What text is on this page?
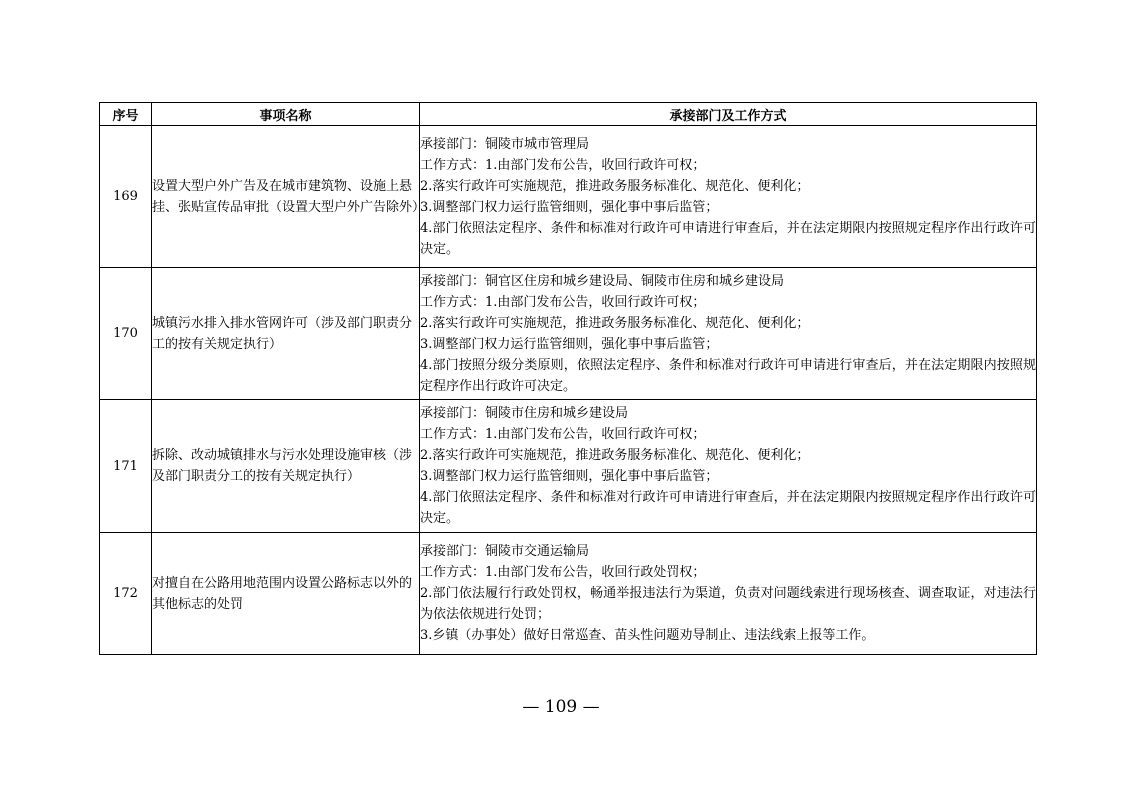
序号	事项名称	承接部门及工作方式
169	设置大型户外广告及在城市建筑物、设施上悬挂、张贴宣传品审批（设置大型户外广告除外）	承接部门：铜陵市城市管理局
工作方式：1.由部门发布公告，收回行政许可权；
2.落实行政许可实施规范，推进政务服务标准化、规范化、便利化；
3.调整部门权力运行监管细则，强化事中事后监管；
4.部门依照法定程序、条件和标准对行政许可申请进行审查后，并在法定期限内按照规定程序作出行政许可决定。

170	城镇污水排入排水管网许可（涉及部门职责分工的按有关规定执行）	承接部门：铜官区住房和城乡建设局、铜陵市住房和城乡建设局
工作方式：1.由部门发布公告，收回行政许可权；
2.落实行政许可实施规范，推进政务服务标准化、规范化、便利化；
3.调整部门权力运行监管细则，强化事中事后监管；
4.部门按照分级分类原则，依照法定程序、条件和标准对行政许可申请进行审查后，并在法定期限内按照规定程序作出行政许可决定。

171	拆除、改动城镇排水与污水处理设施审核（涉及部门职责分工的按有关规定执行）	承接部门：铜陵市住房和城乡建设局
工作方式：1.由部门发布公告，收回行政许可权；
2.落实行政许可实施规范，推进政务服务标准化、规范化、便利化；
3.调整部门权力运行监管细则，强化事中事后监管；
4.部门依照法定程序、条件和标准对行政许可申请进行审查后，并在法定期限内按照规定程序作出行政许可决定。

172	对擅自在公路用地范围内设置公路标志以外的其他标志的处罚	承接部门：铜陵市交通运输局
工作方式：1.由部门发布公告，收回行政处罚权；
2.部门依法履行行政处罚权，畅通举报违法行为渠道，负责对问题线索进行现场核查、调查取证，对违法行为依法依规进行处罚；
3.乡镇（办事处）做好日常巡查、苗头性问题劝导制止、违法线索上报等工作。
— 109 —
